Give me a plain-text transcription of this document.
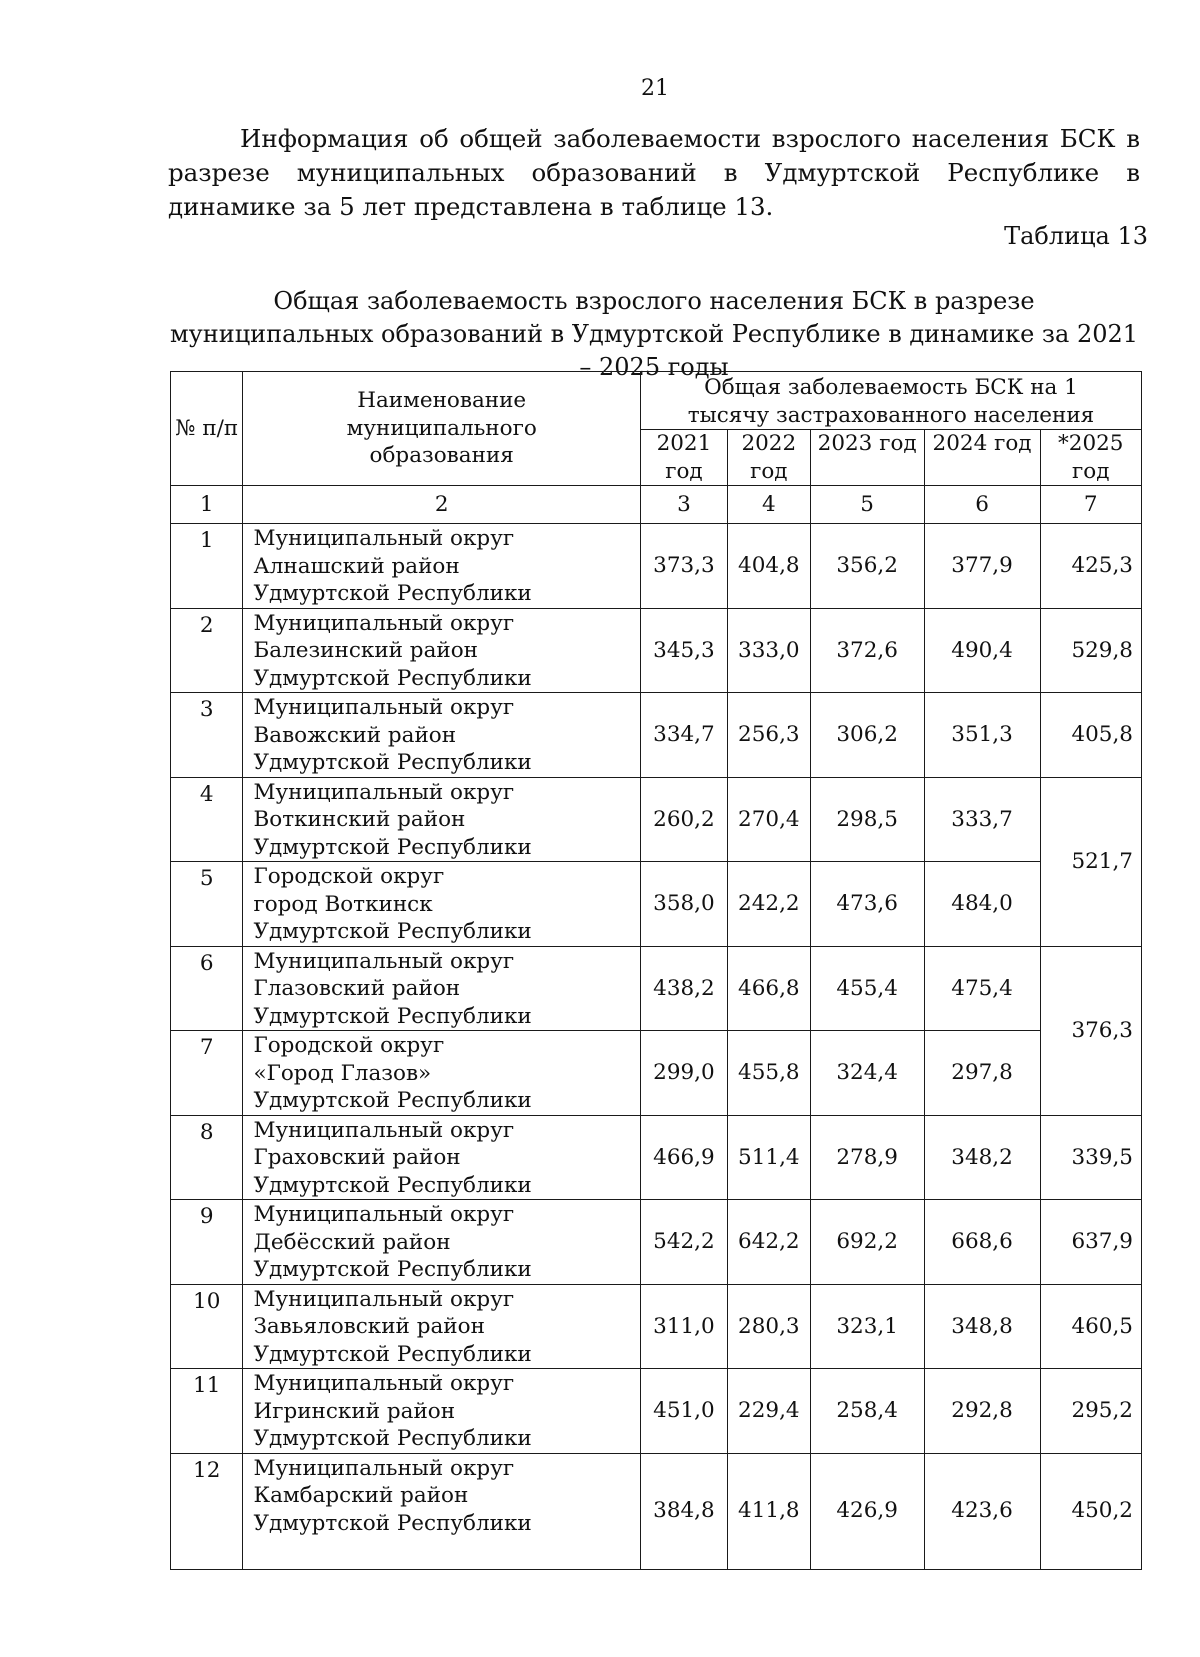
21

Информация об общей заболеваемости взрослого населения БСК в разрезе муниципальных образований в Удмуртской Республике в динамике за 5 лет представлена в таблице 13.

Таблица 13

Общая заболеваемость взрослого населения БСК в разрезе муниципальных образований в Удмуртской Республике в динамике за 2021 – 2025 годы

№ п/п	Наименование муниципального образования	Общая заболеваемость БСК на 1 тысячу застрахованного населения				
		2021 год	2022 год	2023 год	2024 год	*2025 год
1	2	3	4	5	6	7
1	Муниципальный округ
Алнашский район
Удмуртской Республики	373,3	404,8	356,2	377,9	425,3
2	Муниципальный округ
Балезинский район
Удмуртской Республики	345,3	333,0	372,6	490,4	529,8
3	Муниципальный округ
Вавожский район
Удмуртской Республики	334,7	256,3	306,2	351,3	405,8
4	Муниципальный округ
Воткинский район
Удмуртской Республики	260,2	270,4	298,5	333,7	521,7
5	Городской округ
город Воткинск
Удмуртской Республики	358,0	242,2	473,6	484,0	
6	Муниципальный округ
Глазовский район
Удмуртской Республики	438,2	466,8	455,4	475,4	376,3
7	Городской округ
«Город Глазов»
Удмуртской Республики	299,0	455,8	324,4	297,8	
8	Муниципальный округ
Граховский район
Удмуртской Республики	466,9	511,4	278,9	348,2	339,5
9	Муниципальный округ
Дебёсский район
Удмуртской Республики	542,2	642,2	692,2	668,6	637,9
10	Муниципальный округ
Завьяловский район
Удмуртской Республики	311,0	280,3	323,1	348,8	460,5
11	Муниципальный округ
Игринский район
Удмуртской Республики	451,0	229,4	258,4	292,8	295,2
12	Муниципальный округ
Камбарский район
Удмуртской Республики	384,8	411,8	426,9	423,6	450,2
